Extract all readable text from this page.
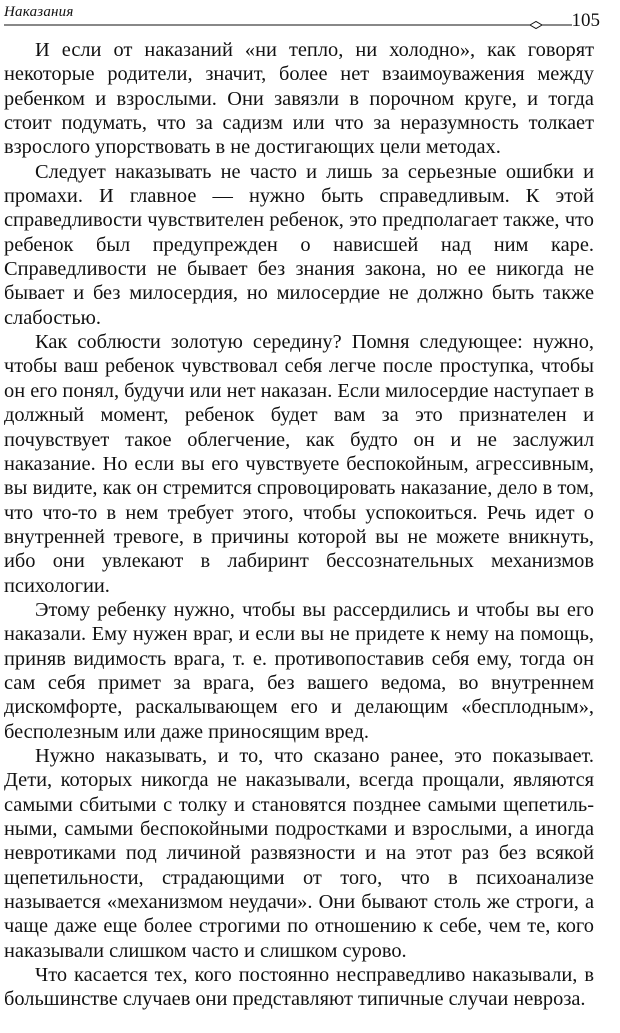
Наказания	105

И если от наказаний «ни тепло, ни холодно», как говорят некоторые родители, значит, более нет взаимоуважения между ребенком и взрослыми. Они завязли в порочном круге, и тогда стоит подумать, что за садизм или что за неразумность толкает взрослого упорствовать в не достигающих цели методах.

Следует наказывать не часто и лишь за серьезные ошибки и промахи. И главное — нужно быть справедливым. К этой справедливости чувствителен ребенок, это предполагает также, что ребенок был предупрежден о нависшей над ним каре. Справедливости не бывает без знания закона, но ее никогда не бывает и без милосердия, но милосердие не должно быть также слабостью.

Как соблюсти золотую середину? Помня следующее: нужно, чтобы ваш ребенок чувствовал себя легче после проступка, чтобы он его понял, будучи или нет наказан. Если милосердие наступает в должный момент, ребенок будет вам за это признателен и почувствует такое облегчение, как будто он и не заслужил наказание. Но если вы его чувствуете беспокойным, агрессивным, вы видите, как он стремится спровоцировать наказание, дело в том, что что-то в нем требует этого, чтобы успокоиться. Речь идет о внутренней тревоге, в причины которой вы не можете вникнуть, ибо они увлекают в лабиринт бессознательных механизмов психологии.

Этому ребенку нужно, чтобы вы рассердились и чтобы вы его наказали. Ему нужен враг, и если вы не придете к нему на помощь, приняв видимость врага, т. е. противопоставив себя ему, тогда он сам себя примет за врага, без вашего ведома, во внутреннем дискомфорте, раскалывающем его и делающим «бесплодным», бесполезным или даже приносящим вред.

Нужно наказывать, и то, что сказано ранее, это показывает. Дети, которых никогда не наказывали, всегда прощали, являются самыми сбитыми с толку и становятся позднее самыми щепетильными, самыми беспокойными подростками и взрослыми, а иногда невротиками под личиной развязности и на этот раз без всякой щепетильности, страдающими от того, что в психоанализе называется «механизмом неудачи». Они бывают столь же строги, а чаще даже еще более строгими по отношению к себе, чем те, кого наказывали слишком часто и слишком сурово.

Что касается тех, кого постоянно несправедливо наказывали, в большинстве случаев они представляют типичные случаи невроза.
